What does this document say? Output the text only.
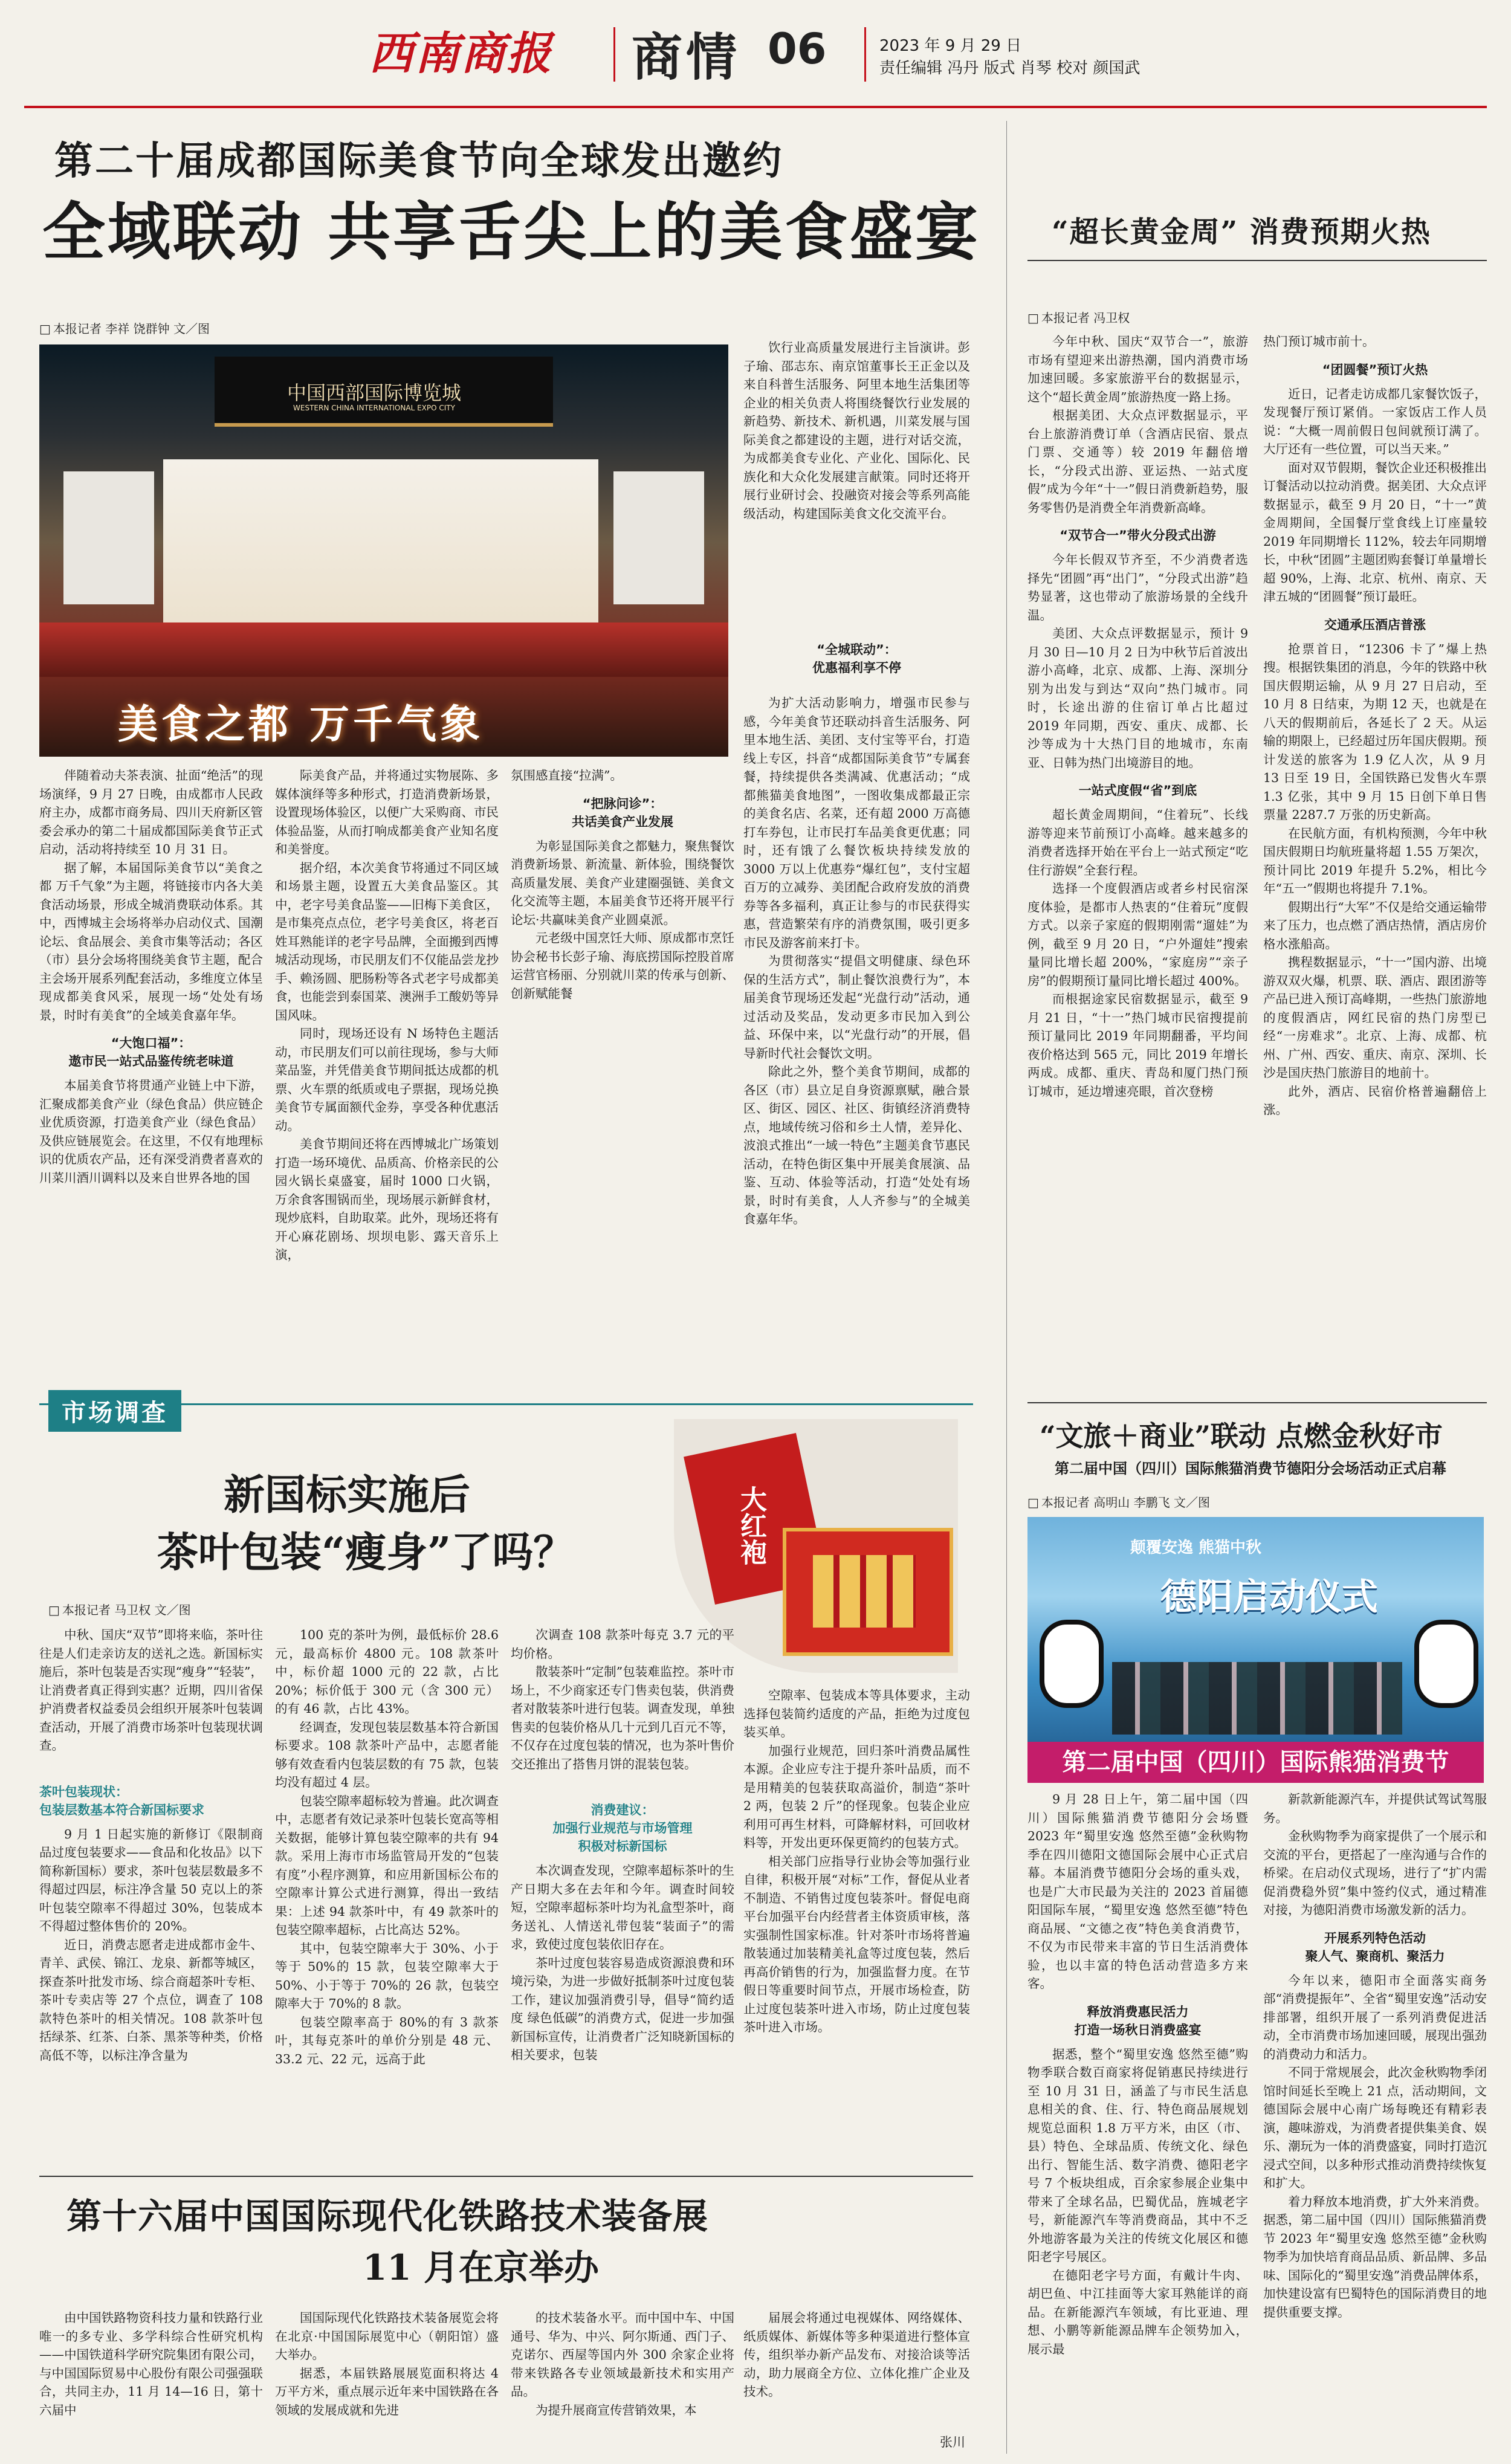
西南商报 商情 06	2023 年 9 月 29 日
责任编辑 冯丹 版式 肖琴 校对 颜国武
第二十届成都国际美食节向全球发出邀约
全域联动 共享舌尖上的美食盛宴
□ 本报记者 李祥 饶群钟 文／图
中国西部国际博览城
WESTERN CHINA INTERNATIONAL EXPO CITY
美食之都 万千气象

伴随着动夫茶表演、扯面“绝活”的现场演绎，9 月 27 日晚，由成都市人民政府主办，成都市商务局、四川天府新区管委会承办的第二十届成都国际美食节正式启动，活动将持续至 10 月 31 日。

据了解，本届国际美食节以“美食之都 万千气象”为主题，将链接市内各大美食活动场景，形成全城消费联动体系。其中，西博城主会场将举办启动仪式、国潮论坛、食品展会、美食市集等活动；各区（市）县分会场将围绕美食节主题，配合主会场开展系列配套活动，多维度立体呈现成都美食风采，展现一场“处处有场景，时时有美食”的全域美食嘉年华。

“大饱口福”：
遨市民一站式品鉴传统老味道

本届美食节将贯通产业链上中下游，汇聚成都美食产业（绿色食品）供应链企业优质资源，打造美食产业（绿色食品）及供应链展览会。在这里，不仅有地理标识的优质农产品，还有深受消费者喜欢的川菜川酒川调料以及来自世界各地的国

际美食产品，并将通过实物展陈、多媒体演绎等多种形式，打造消费新场景，设置现场体验区，以便广大采购商、市民体验品鉴，从而打响成都美食产业知名度和美誉度。

据介绍，本次美食节将通过不同区域和场景主题，设置五大美食品鉴区。其中，老字号美食品鉴——旧梅下美食区，是市集亮点点位，老字号美食区，将老百姓耳熟能详的老字号品牌，全面搬到西博城活动现场，市民朋友们不仅能品尝龙抄手、赖汤圆、肥肠粉等各式老字号成都美食，也能尝到泰国菜、澳洲手工酸奶等异国风味。

同时，现场还设有 N 场特色主题活动，市民朋友们可以前往现场，参与大师菜品鉴，并凭借美食节期间抵达成都的机票、火车票的纸质或电子票据，现场兑换美食节专属面额代金券，享受各种优惠活动。

美食节期间还将在西博城北广场策划打造一场环境优、品质高、价格亲民的公园火锅长桌盛宴，届时 1000 口火锅，万余食客围锅而坐，现场展示新鲜食材，现炒底料，自助取菜。此外，现场还将有开心麻花剧场、坝坝电影、露天音乐上演，

氛围感直接“拉满”。

“把脉问诊”：
共话美食产业发展

为彰显国际美食之都魅力，聚焦餐饮消费新场景、新流量、新体验，围绕餐饮高质量发展、美食产业建圈强链、美食文化交流等主题，本届美食节还将开展平行论坛·共赢味美食产业圆桌派。

元老级中国烹饪大师、原成都市烹饪协会秘书长彭子瑜、海底捞国际控股首席运营官杨丽、分别就川菜的传承与创新、创新赋能餐

饮行业高质量发展进行主旨演讲。彭子瑜、邵志东、南京馆董事长王正金以及来自科普生活服务、阿里本地生活集团等企业的相关负责人将围绕餐饮行业发展的新趋势、新技术、新机遇，川菜发展与国际美食之都建设的主题，进行对话交流，为成都美食专业化、产业化、国际化、民族化和大众化发展建言献策。同时还将开展行业研讨会、投融资对接会等系列高能级活动，构建国际美食文化交流平台。

“全城联动”：
优惠福利享不停

为扩大活动影响力，增强市民参与感，今年美食节还联动抖音生活服务、阿里本地生活、美团、支付宝等平台，打造线上专区，抖音“成都国际美食节”专属套餐，持续提供各类满减、优惠活动；“成都熊猫美食地图”，一图收集成都最正宗的美食名店、名菜，还有超 2000 万高德打车券包，让市民打车品美食更优惠；同时，还有饿了么餐饮板块持续发放的 3000 万以上优惠券“爆红包”，支付宝超百万的立减券、美团配合政府发放的消费券等各多福利，真正让参与的市民获得实惠，营造繁荣有序的消费氛围，吸引更多市民及游客前来打卡。

为贯彻落实“提倡文明健康、绿色环保的生活方式”，制止餐饮浪费行为”，本届美食节现场还发起“光盘行动”活动，通过活动及奖品，发动更多市民加入到公益、环保中来，以“光盘行动”的开展，倡导新时代社会餐饮文明。

除此之外，整个美食节期间，成都的各区（市）县立足自身资源禀赋，融合景区、街区、园区、社区、街镇经济消费特点，地域传统习俗和乡土人情，差异化、波浪式推出“一域一特色”主题美食节惠民活动，在特色街区集中开展美食展演、品鉴、互动、体验等活动，打造“处处有场景，时时有美食，人人齐参与”的全城美食嘉年华。

“超长黄金周” 消费预期火热
□ 本报记者 冯卫权

今年中秋、国庆“双节合一”，旅游市场有望迎来出游热潮，国内消费市场加速回暖。多家旅游平台的数据显示，这个“超长黄金周”旅游热度一路上扬。

根据美团、大众点评数据显示，平台上旅游消费订单（含酒店民宿、景点门票、交通等）较 2019 年翻倍增长，“分段式出游、亚运热、一站式度假”成为今年“十一”假日消费新趋势，服务零售仍是消费全年消费新高峰。

“双节合一”带火分段式出游

今年长假双节齐至，不少消费者选择先“团圆”再“出门”，“分段式出游”趋势显著，这也带动了旅游场景的全线升温。

美团、大众点评数据显示，预计 9 月 30 日—10 月 2 日为中秋节后首波出游小高峰，北京、成都、上海、深圳分别为出发与到达“双向”热门城市。同时，长途出游的住宿订单占比超过 2019 年同期，西安、重庆、成都、长沙等成为十大热门目的地城市，东南亚、日韩为热门出境游目的地。

一站式度假“省”到底

超长黄金周期间，“住着玩”、长线游等迎来节前预订小高峰。越来越多的消费者选择开始在平台上一站式预定“吃住行游娱”全套行程。

选择一个度假酒店或者乡村民宿深度体验，是都市人热衷的“住着玩”度假方式。以亲子家庭的假期刚需“遛娃”为例，截至 9 月 20 日，“户外遛娃”搜索量同比增长超 200%，“家庭房”“亲子房”的假期预订量同比增长超过 400%。

而根据途家民宿数据显示，截至 9 月 21 日，“十一”热门城市民宿搜提前预订量同比 2019 年同期翻番，平均间夜价格达到 565 元，同比 2019 年增长两成。成都、重庆、青岛和厦门热门预订城市，延边增速亮眼，首次登榜

热门预订城市前十。

“团圆餐”预订火热

近日，记者走访成都几家餐饮饭子，发现餐厅预订紧俏。一家饭店工作人员说：“大概一周前假日包间就预订满了。大厅还有一些位置，可以当天来。”

面对双节假期，餐饮企业还积极推出订餐活动以拉动消费。据美团、大众点评数据显示，截至 9 月 20 日，“十一”黄金周期间，全国餐厅堂食线上订座量较 2019 年同期增长 112%，较去年同期增长，中秋“团圆”主题团购套餐订单量增长超 90%，上海、北京、杭州、南京、天津五城的“团圆餐”预订最旺。

交通承压酒店普涨

抢票首日，“12306 卡了”爆上热搜。根据铁集团的消息，今年的铁路中秋国庆假期运输，从 9 月 27 日启动，至 10 月 8 日结束，为期 12 天，也就是在八天的假期前后，各延长了 2 天。从运输的期限上，已经超过历年国庆假期。预计发送的旅客为 1.9 亿人次，从 9 月 13 日至 19 日，全国铁路已发售火车票 1.3 亿张，其中 9 月 15 日创下单日售票量 2287.7 万张的历史新高。

在民航方面，有机构预测，今年中秋国庆假期日均航班量将超 1.55 万架次，预计同比 2019 年提升 5.2%，相比今年“五一”假期也将提升 7.1%。

假期出行“大军”不仅是给交通运输带来了压力，也点燃了酒店热情，酒店房价格水涨船高。

携程数据显示，“十一”国内游、出境游双双火爆，机票、联、酒店、跟团游等产品已进入预订高峰期，一些热门旅游地的度假酒店，网红民宿的热门房型已经“一房难求”。北京、上海、成都、杭州、广州、西安、重庆、南京、深圳、长沙是国庆热门旅游目的地前十。

此外，酒店、民宿价格普遍翻倍上涨。

市场调查
新国标实施后
茶叶包装“瘦身”了吗？
□ 本报记者 马卫权 文／图
大红袍

中秋、国庆“双节”即将来临，茶叶往往是人们走亲访友的送礼之选。新国标实施后，茶叶包装是否实现“瘦身”“轻装”，让消费者真正得到实惠？近期，四川省保护消费者权益委员会组织开展茶叶包装调查活动，开展了消费市场茶叶包装现状调查。

茶叶包装现状：
包装层数基本符合新国标要求

9 月 1 日起实施的新修订《限制商品过度包装要求——食品和化妆品》以下简称新国标）要求，茶叶包装层数最多不得超过四层，标注净含量 50 克以上的茶叶包装空隙率不得超过 30%，包装成本不得超过整体售价的 20%。

近日，消费志愿者走进成都市金牛、青羊、武侯、锦江、龙泉、新都等城区，探查茶叶批发市场、综合商超茶叶专柜、茶叶专卖店等 27 个点位，调查了 108 款特色茶叶的相关情况。108 款茶叶包括绿茶、红茶、白茶、黑茶等种类，价格高低不等，以标注净含量为

100 克的茶叶为例，最低标价 28.6 元，最高标价 4800 元。108 款茶叶中，标价超 1000 元的 22 款，占比 20%；标价低于 300 元（含 300 元）的有 46 款，占比 43%。

经调查，发现包装层数基本符合新国标要求。108 款茶叶产品中，志愿者能够有效查看内包装层数的有 75 款，包装均没有超过 4 层。

包装空隙率超标较为普遍。此次调查中，志愿者有效记录茶叶包装长宽高等相关数据，能够计算包装空隙率的共有 94 款。采用上海市市场监管局开发的“包装有度”小程序测算，和应用新国标公布的空隙率计算公式进行测算，得出一致结果：上述 94 款茶叶中，有 49 款茶叶的包装空隙率超标，占比高达 52%。

其中，包装空隙率大于 30%、小于等于 50%的 15 款，包装空隙率大于 50%、小于等于 70%的 26 款，包装空隙率大于 70%的 8 款。

包装空隙率高于 80%的有 3 款茶叶，其每克茶叶的单价分别是 48 元、33.2 元、22 元，远高于此

次调查 108 款茶叶每克 3.7 元的平均价格。

散装茶叶“定制”包装难监控。茶叶市场上，不少商家还专门售卖包装，供消费者对散装茶叶进行包装。调查发现，单独售卖的包装价格从几十元到几百元不等，不仅存在过度包装的情况，也为茶叶售价交还推出了搭售月饼的混装包装。

消费建议：
加强行业规范与市场管理
积极对标新国标

本次调查发现，空隙率超标茶叶的生产日期大多在去年和今年。调查时间较短，空隙率超标茶叶均为礼盒型茶叶，商务送礼、人情送礼带包装“装面子”的需求，致使过度包装依旧存在。

茶叶过度包装容易造成资源浪费和环境污染，为进一步做好抵制茶叶过度包装工作，建议加强消费引导，倡导“简约适度 绿色低碳”的消费方式，促进一步加强新国标宣传，让消费者广泛知晓新国标的相关要求，包装

空隙率、包装成本等具体要求，主动选择包装简约适度的产品，拒绝为过度包装买单。

加强行业规范，回归茶叶消费品属性本源。企业应专注于提升茶叶品质，而不是用精美的包装获取高溢价，制造“茶叶 2 两，包装 2 斤”的怪现象。包装企业应利用可再生材料，可降解材料，可回收材料等，开发出更环保更简约的包装方式。

相关部门应指导行业协会等加强行业自律，积极开展“对标”工作，督促从业者不制造、不销售过度包装茶叶。督促电商平台加强平台内经营者主体资质审核，落实强制性国家标准。针对茶叶市场将普遍散装通过加装精美礼盒等过度包装，然后再高价销售的行为，加强监督力度。在节假日等重要时间节点，开展市场检查，防止过度包装茶叶进入市场，防止过度包装茶叶进入市场。

“文旅＋商业”联动 点燃金秋好市
第二届中国（四川）国际熊猫消费节德阳分会场活动正式启幕
□ 本报记者 高明山 李鹏飞 文／图
颠覆安逸 熊猫中秋
德阳启动仪式
第二届中国（四川）国际熊猫消费节

9 月 28 日上午，第二届中国（四川）国际熊猫消费节德阳分会场暨 2023 年“蜀里安逸 悠然至德”金秋购物季在四川德阳文德国际会展中心正式启幕。本届消费节德阳分会场的重头戏，也是广大市民最为关注的 2023 首届德阳国际车展，“蜀里安逸 悠然至德”特色商品展、“文德之夜”特色美食消费节，不仅为市民带来丰富的节日生活消费体验，也以丰富的特色活动营造多方来客。

释放消费惠民活力
打造一场秋日消费盛宴

据悉，整个“蜀里安逸 悠然至德”购物季联合数百商家将促销惠民持续进行至 10 月 31 日，涵盖了与市民生活息息相关的食、住、行、特色商品展规划规览总面积 1.8 万平方米，由区（市、县）特色、全球品质、传统文化、绿色出行、智能生活、数字消费、德阳老字号 7 个板块组成，百余家参展企业集中带来了全球名品，巴蜀优品，旌城老字号，新能源汽车等消费商品，其中不乏外地游客最为关注的传统文化展区和德阳老字号展区。

在德阳老字号方面，有戴计牛肉、胡巴鱼、中江挂面等大家耳熟能详的商品。在新能源汽车领域，有比亚迪、理想、小鹏等新能源品牌车企领势加入，展示最

新款新能源汽车，并提供试驾试驾服务。

金秋购物季为商家提供了一个展示和交流的平台，更搭起了一座沟通与合作的桥梁。在启动仪式现场，进行了“扩内需促消费稳外贸”集中签约仪式，通过精准对接，为德阳消费市场激发新的活力。

开展系列特色活动
聚人气、聚商机、聚活力

今年以来，德阳市全面落实商务部“消费提振年”、全省“蜀里安逸”活动安排部署，组织开展了一系列消费促进活动，全市消费市场加速回暖，展现出强劲的消费动力和活力。

不同于常规展会，此次金秋购物季闭馆时间延长至晚上 21 点，活动期间，文德国际会展中心南广场每晚还有精彩表演，趣味游戏，为消费者提供集美食、娱乐、潮玩为一体的消费盛宴，同时打造沉浸式空间，以多种形式推动消费持续恢复和扩大。

着力释放本地消费，扩大外来消费。据悉，第二届中国（四川）国际熊猫消费节 2023 年“蜀里安逸 悠然至德”金秋购物季为加快培育商品品质、新品牌、多品味、国际化的“蜀里安逸”消费品牌体系，加快建设富有巴蜀特色的国际消费目的地提供重要支撑。

第十六届中国国际现代化铁路技术装备展
11 月在京举办

由中国铁路物资科技力量和铁路行业唯一的多专业、多学科综合性研究机构——中国铁道科学研究院集团有限公司，与中国国际贸易中心股份有限公司强强联合，共同主办，11 月 14—16 日，第十六届中

国国际现代化铁路技术装备展览会将在北京·中国国际展览中心（朝阳馆）盛大举办。

据悉，本届铁路展展览面积将达 4 万平方米，重点展示近年来中国铁路在各领域的发展成就和先进

的技术装备水平。而中国中车、中国通号、华为、中兴、阿尔斯通、西门子、克诺尔、西屋等国内外 300 余家企业将带来铁路各专业领域最新技术和实用产品。

为提升展商宣传营销效果，本

届展会将通过电视媒体、网络媒体、纸质媒体、新媒体等多种渠道进行整体宣传，组织举办新产品发布、对接洽谈等活动，助力展商全方位、立体化推广企业及技术。

张川
